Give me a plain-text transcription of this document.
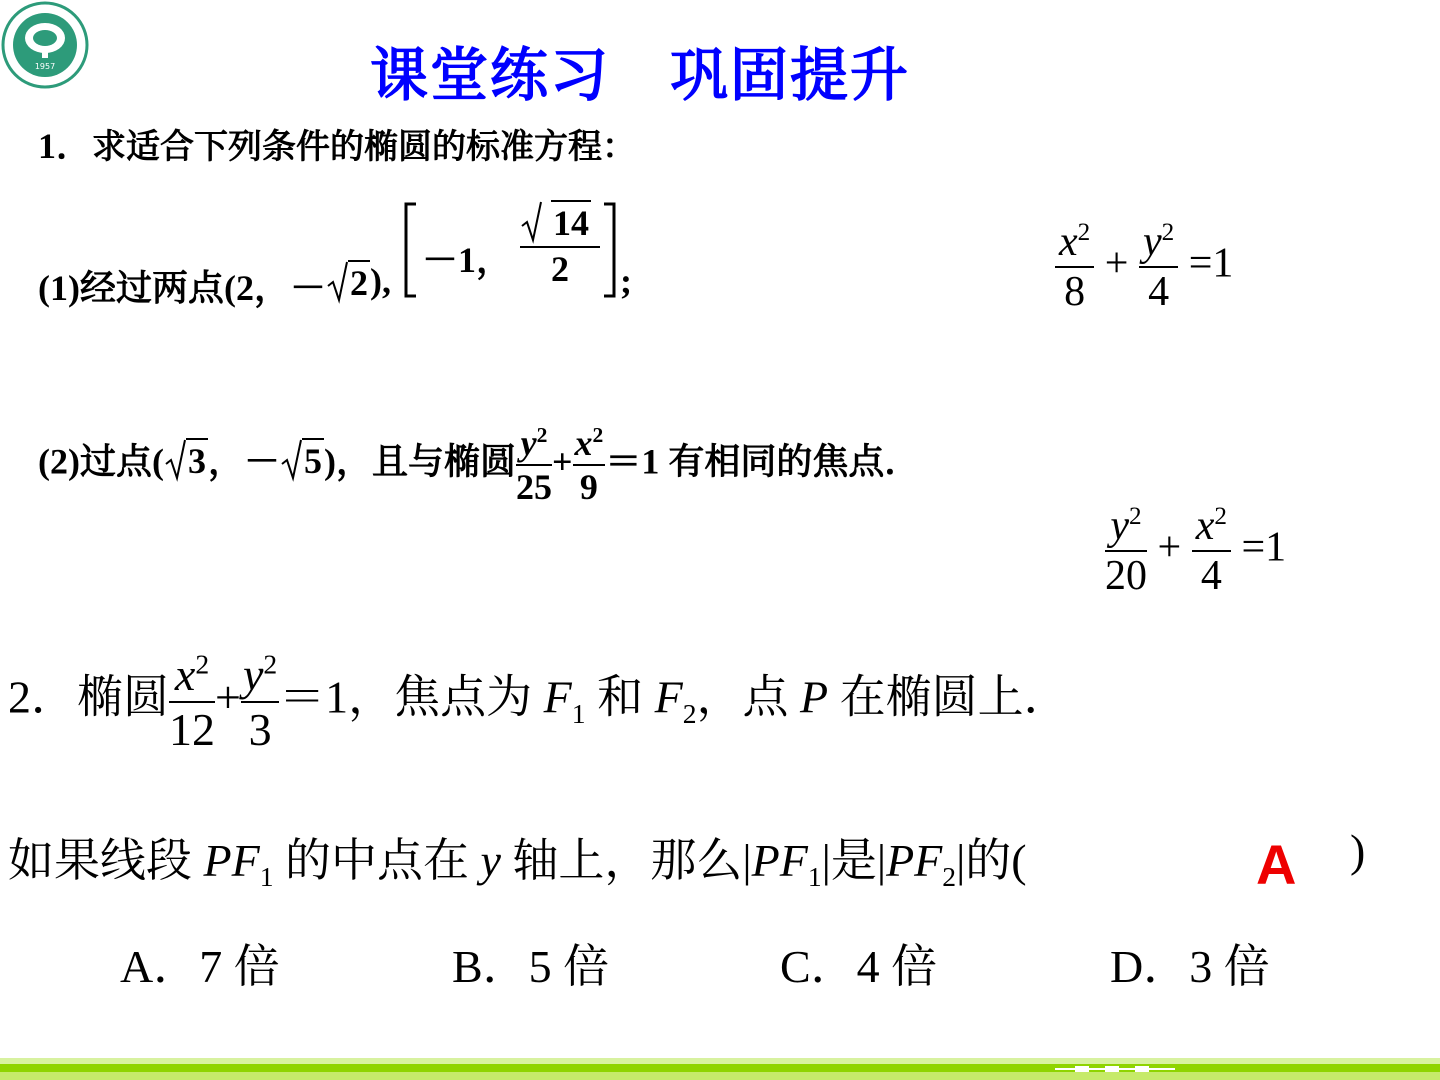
1957	课堂练习 巩固提升
1．求适合下列条件的椭圆的标准方程：
(1)经过两点(2，－ 2),
－1，
14
2	;	$\frac{x^2}{8} + \frac{y^2}{4} =1$
(2)过点( 3，－ 5)，且与椭圆 $\frac{y^2}{25} + \frac{x^2}{9} =1$ 有相同的焦点．
$\frac{y^2}{20} + \frac{x^2}{4} =1$
2．椭圆 $\frac{x^2}{12} + \frac{y^2}{3} =1$，焦点为 $F_1$ 和 $F_2$，点 P 在椭圆上．
如果线段 $PF_1$ 的中点在 y 轴上，那么$|PF_1|$是$|PF_2|$的(	A )
A．7 倍	B．5 倍	C．4 倍	D．3 倍
